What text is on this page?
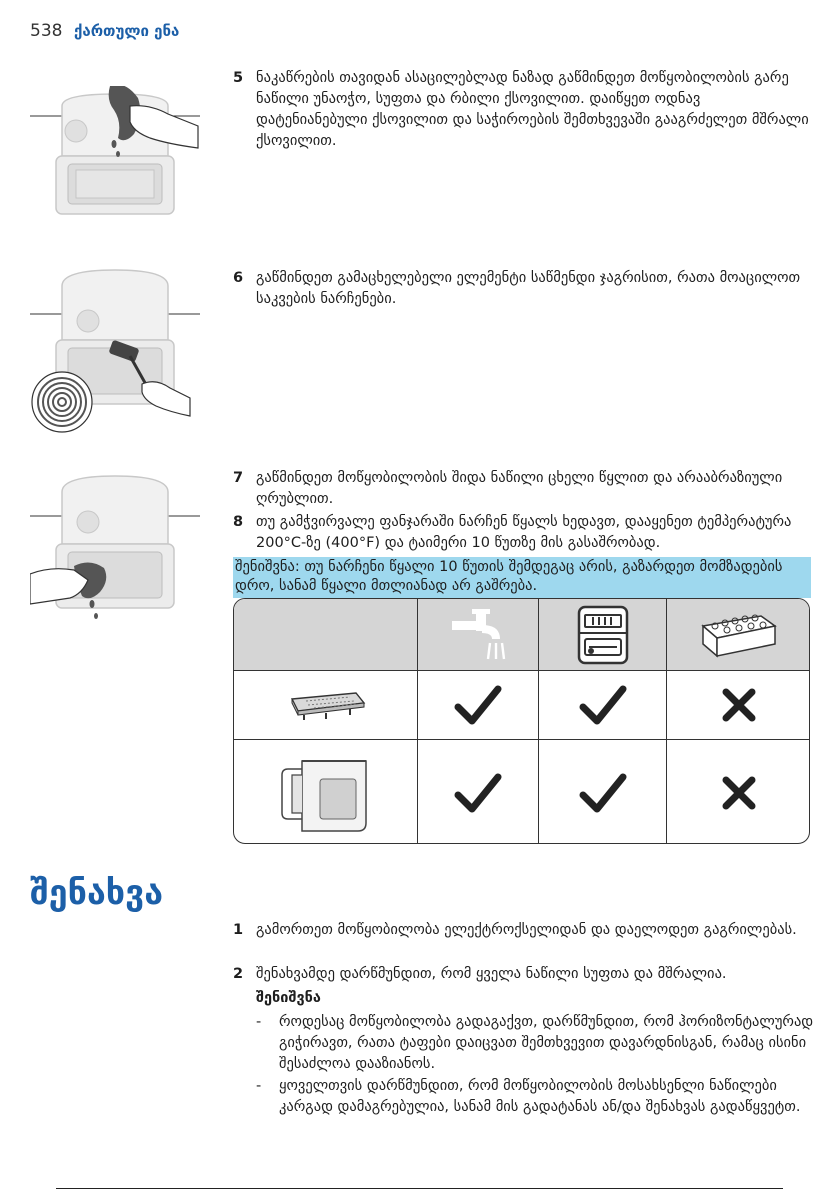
538 ქართული ენა
5 ნაკაწრების თავიდან ასაცილებლად ნაზად გაწმინდეთ მოწყობილობის გარე ნაწილი უნაოჭო, სუფთა და რბილი ქსოვილით. დაიწყეთ ოდნავ დატენიანებული ქსოვილით და საჭიროების შემთხვევაში გააგრძელეთ მშრალი ქსოვილით.
6 გაწმინდეთ გამაცხელებელი ელემენტი საწმენდი ჯაგრისით, რათა მოაცილოთ საკვების ნარჩენები.
7 გაწმინდეთ მოწყობილობის შიდა ნაწილი ცხელი წყლით და არააბრაზიული ღრუბლით.
8 თუ გამჭვირვალე ფანჯარაში ნარჩენ წყალს ხედავთ, დააყენეთ ტემპერატურა 200°C-ზე (400°F) და ტაიმერი 10 წუთზე მის გასაშრობად.
შენიშვნა: თუ ნარჩენი წყალი 10 წუთის შემდეგაც არის, გაზარდეთ მომზადების დრო, სანამ წყალი მთლიანად არ გაშრება.
შენახვა
1 გამორთეთ მოწყობილობა ელექტროქსელიდან და დაელოდეთ გაგრილებას.
2 შენახვამდე დარწმუნდით, რომ ყველა ნაწილი სუფთა და მშრალია.
შენიშვნა
- როდესაც მოწყობილობა გადაგაქვთ, დარწმუნდით, რომ ჰორიზონტალურად გიჭირავთ, რათა ტაფები დაიცვათ შემთხვევით დავარდნისგან, რამაც ისინი შესაძლოა დააზიანოს.
- ყოველთვის დარწმუნდით, რომ მოწყობილობის მოსახსენლი ნაწილები კარგად დამაგრებულია, სანამ მის გადატანას ან/და შენახვას გადაწყვეტთ.
